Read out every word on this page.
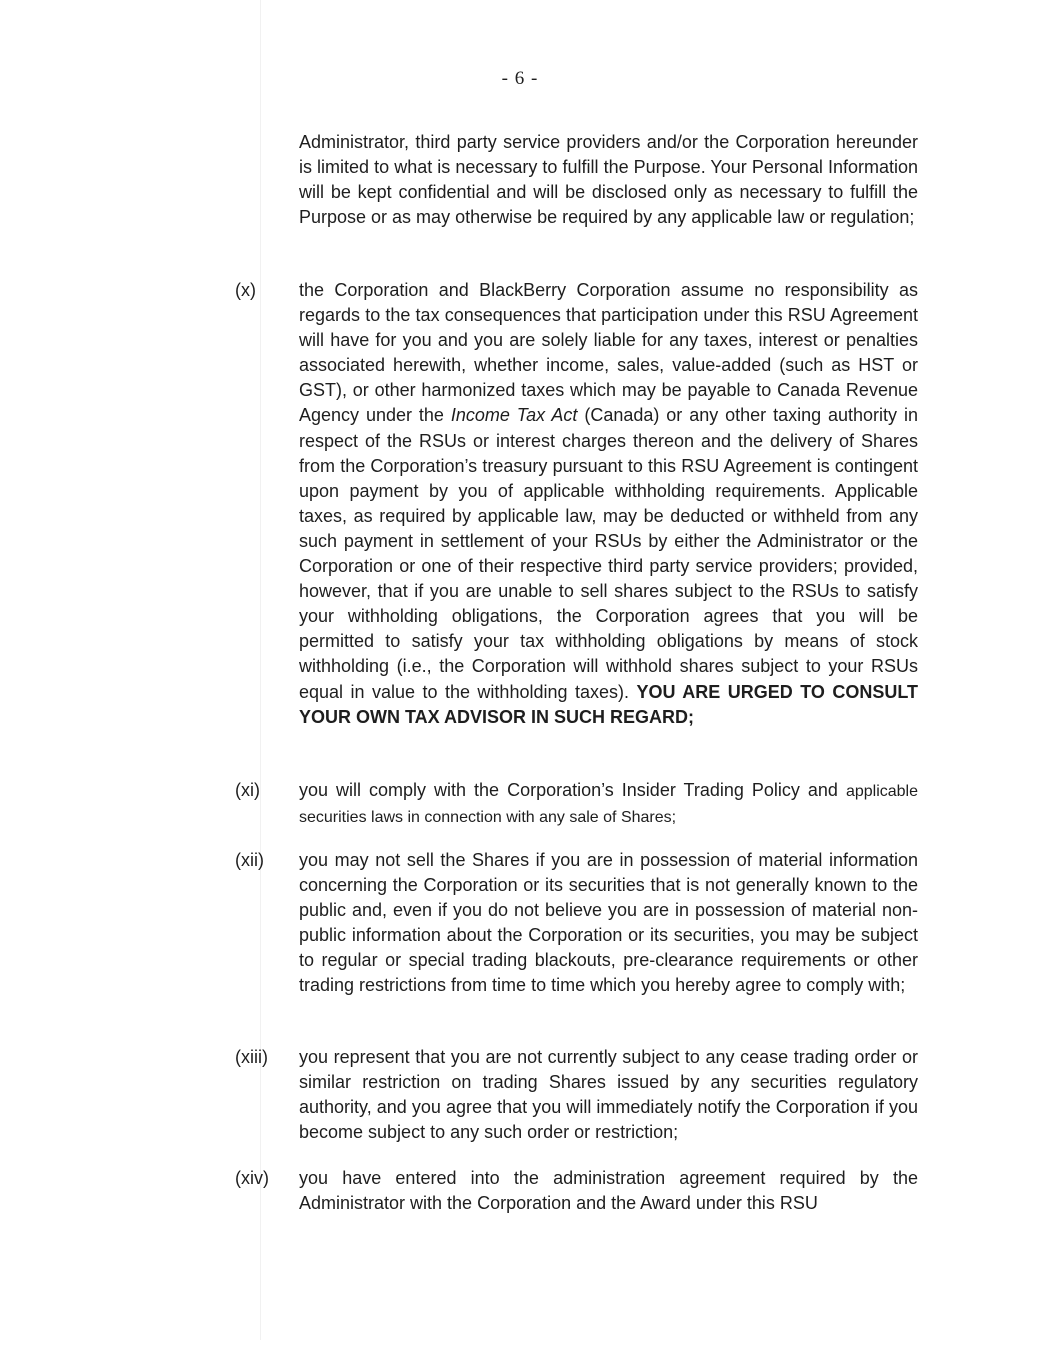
- 6 -
Administrator, third party service providers and/or the Corporation hereunder is limited to what is necessary to fulfill the Purpose. Your Personal Information will be kept confidential and will be disclosed only as necessary to fulfill the Purpose or as may otherwise be required by any applicable law or regulation;
(x) the Corporation and BlackBerry Corporation assume no responsibility as regards to the tax consequences that participation under this RSU Agreement will have for you and you are solely liable for any taxes, interest or penalties associated herewith, whether income, sales, value-added (such as HST or GST), or other harmonized taxes which may be payable to Canada Revenue Agency under the Income Tax Act (Canada) or any other taxing authority in respect of the RSUs or interest charges thereon and the delivery of Shares from the Corporation’s treasury pursuant to this RSU Agreement is contingent upon payment by you of applicable withholding requirements. Applicable taxes, as required by applicable law, may be deducted or withheld from any such payment in settlement of your RSUs by either the Administrator or the Corporation or one of their respective third party service providers; provided, however, that if you are unable to sell shares subject to the RSUs to satisfy your withholding obligations, the Corporation agrees that you will be permitted to satisfy your tax withholding obligations by means of stock withholding (i.e., the Corporation will withhold shares subject to your RSUs equal in value to the withholding taxes). YOU ARE URGED TO CONSULT YOUR OWN TAX ADVISOR IN SUCH REGARD;
(xi) you will comply with the Corporation’s Insider Trading Policy and applicable securities laws in connection with any sale of Shares;
(xii) you may not sell the Shares if you are in possession of material information concerning the Corporation or its securities that is not generally known to the public and, even if you do not believe you are in possession of material non-public information about the Corporation or its securities, you may be subject to regular or special trading blackouts, pre-clearance requirements or other trading restrictions from time to time which you hereby agree to comply with;
(xiii) you represent that you are not currently subject to any cease trading order or similar restriction on trading Shares issued by any securities regulatory authority, and you agree that you will immediately notify the Corporation if you become subject to any such order or restriction;
(xiv) you have entered into the administration agreement required by the Administrator with the Corporation and the Award under this RSU
